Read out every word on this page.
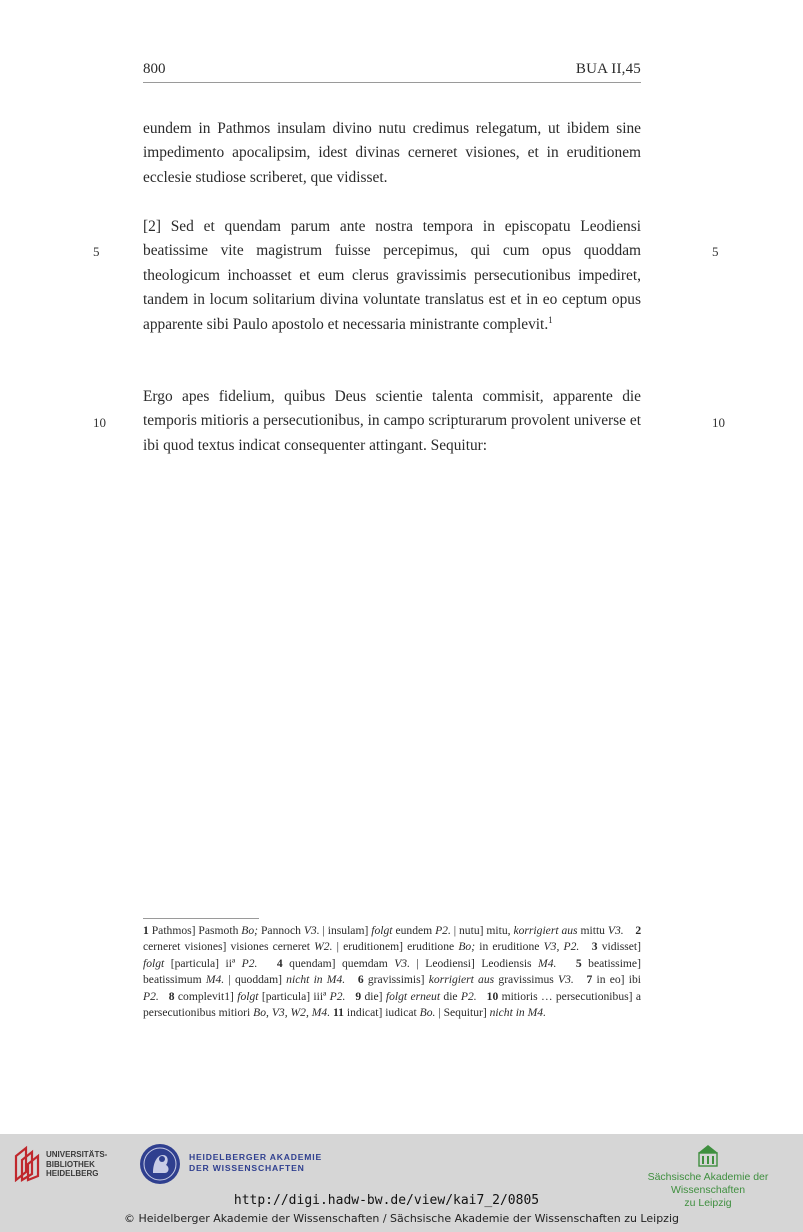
800	BUA II,45

eundem in Pathmos insulam divino nutu credimus relegatum, ut ibidem sine impedimento apocalipsim, idest divinas cerneret visiones, et in eruditionem ecclesie studiose scriberet, que vidisset.

[2] Sed et quendam parum ante nostra tempora in episcopatu Leodiensi beatissime vite magistrum fuisse percepimus, qui cum opus quoddam theologicum inchoasset et eum clerus gravissimis persecutionibus impediret, tandem in locum solitarium divina voluntate translatus est et in eo ceptum opus apparente sibi Paulo apostolo et necessaria ministrante complevit.$^1$

Ergo apes fidelium, quibus Deus scientie talenta commisit, apparente die temporis mitioris a persecutionibus, in campo scripturarum provolent universe et ibi quod textus indicat consequenter attingant. Sequitur:

5	5
10	10
1 Pathmos] Pasmoth Bo; Pannoch V3. | insulam] folgt eundem P2. | nutu] mitu, korrigiert aus mittu V3. 2 cerneret visiones] visiones cerneret W2. | eruditionem] eruditione Bo; in eruditione V3, P2. 3 vidisset] folgt [particula] iiª P2. 4 quendam] quemdam V3. | Leodiensi] Leodiensis M4. 5 beatissime] beatissimum M4. | quoddam] nicht in M4. 6 gravissimis] korrigiert aus gravissimus V3. 7 in eo] ibi P2. 8 complevit1] folgt [particula] iiiª P2. 9 die] folgt erneut die P2. 10 mitioris … persecutionibus] a persecutionibus mitiori Bo, V3, W2, M4. 11 indicat] iudicat Bo. | Sequitur] nicht in M4.
UNIVERSITÄTS-
BIBLIOTHEK
HEIDELBERG
HEIDELBERGER AKADEMIE
DER WISSENSCHAFTEN
Sächsische Akademie der Wissenschaften
zu Leipzig
http://digi.hadw-bw.de/view/kai7_2/0805
© Heidelberger Akademie der Wissenschaften / Sächsische Akademie der Wissenschaften zu Leipzig
